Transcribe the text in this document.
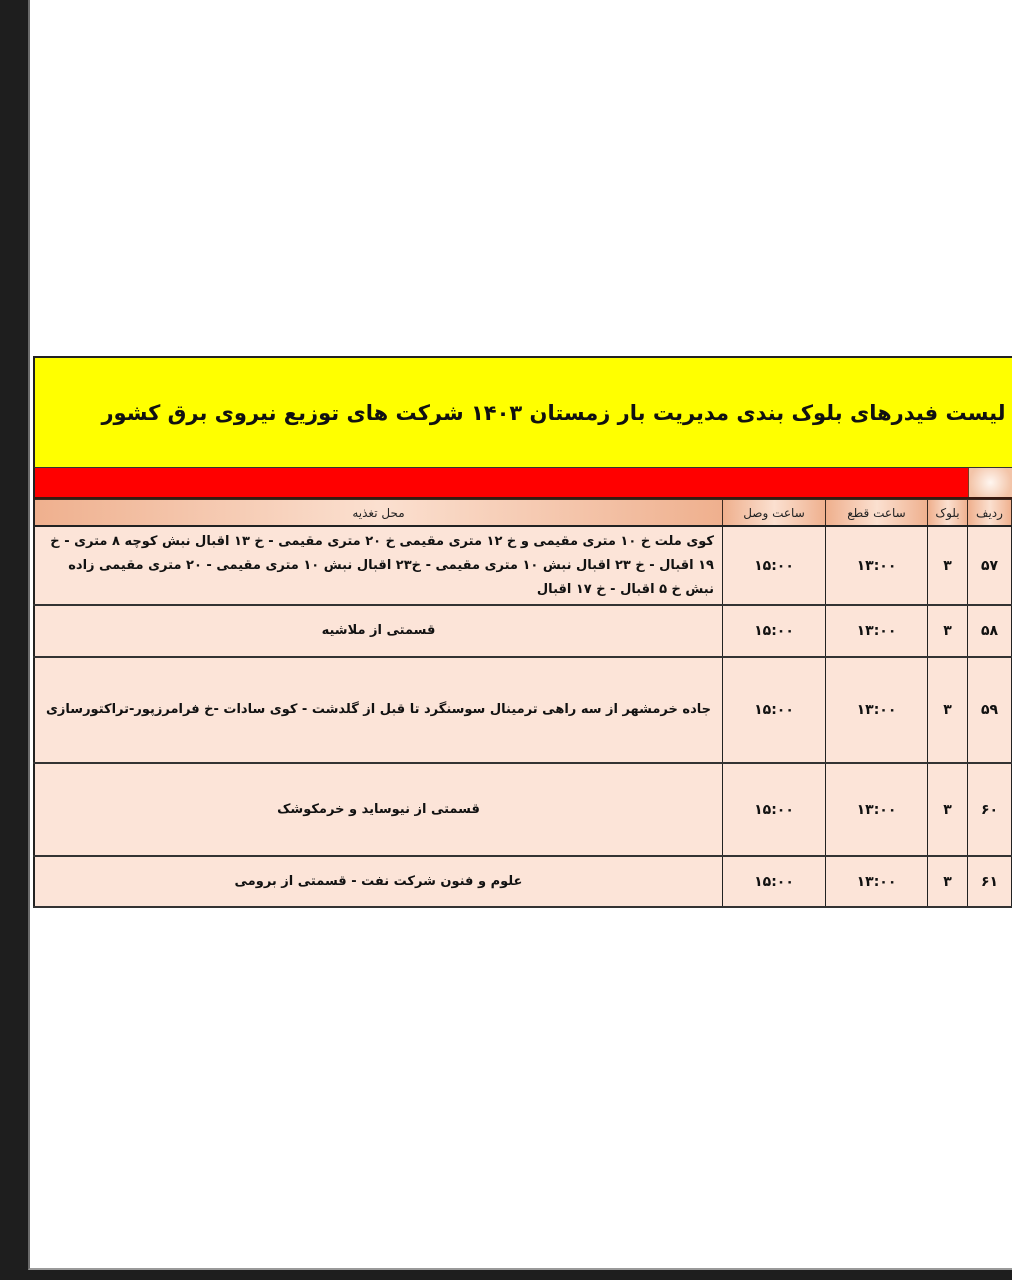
لیست فیدرهای بلوک بندی مدیریت بار زمستان ۱۴۰۳ شرکت های توزیع نیروی برق کشور
ردیف	بلوک	ساعت قطع	ساعت وصل	محل تغذیه
۵۷	۳	۱۳:۰۰	۱۵:۰۰	کوی ملت خ ۱۰ متری مقیمی و خ ۱۲ متری مقیمی خ ۲۰ متری مقیمی - خ ۱۳ اقبال نبش کوچه ۸ متری - خ ۱۹ اقبال - خ ۲۳ اقبال نبش ۱۰ متری مقیمی - خ۲۳ اقبال نبش ۱۰ متری مقیمی - ۲۰ متری مقیمی زاده نبش خ ۵ اقبال - خ ۱۷ اقبال
۵۸	۳	۱۳:۰۰	۱۵:۰۰	قسمتی از ملاشیه
۵۹	۳	۱۳:۰۰	۱۵:۰۰	جاده خرمشهر از سه راهی ترمینال سوسنگرد تا قبل از گلدشت - کوی سادات -خ فرامرزپور-تراکتورسازی
۶۰	۳	۱۳:۰۰	۱۵:۰۰	قسمتی از نیوساید و خرمکوشک
۶۱	۳	۱۳:۰۰	۱۵:۰۰	علوم و فنون شرکت نفت - قسمتی از برومی
